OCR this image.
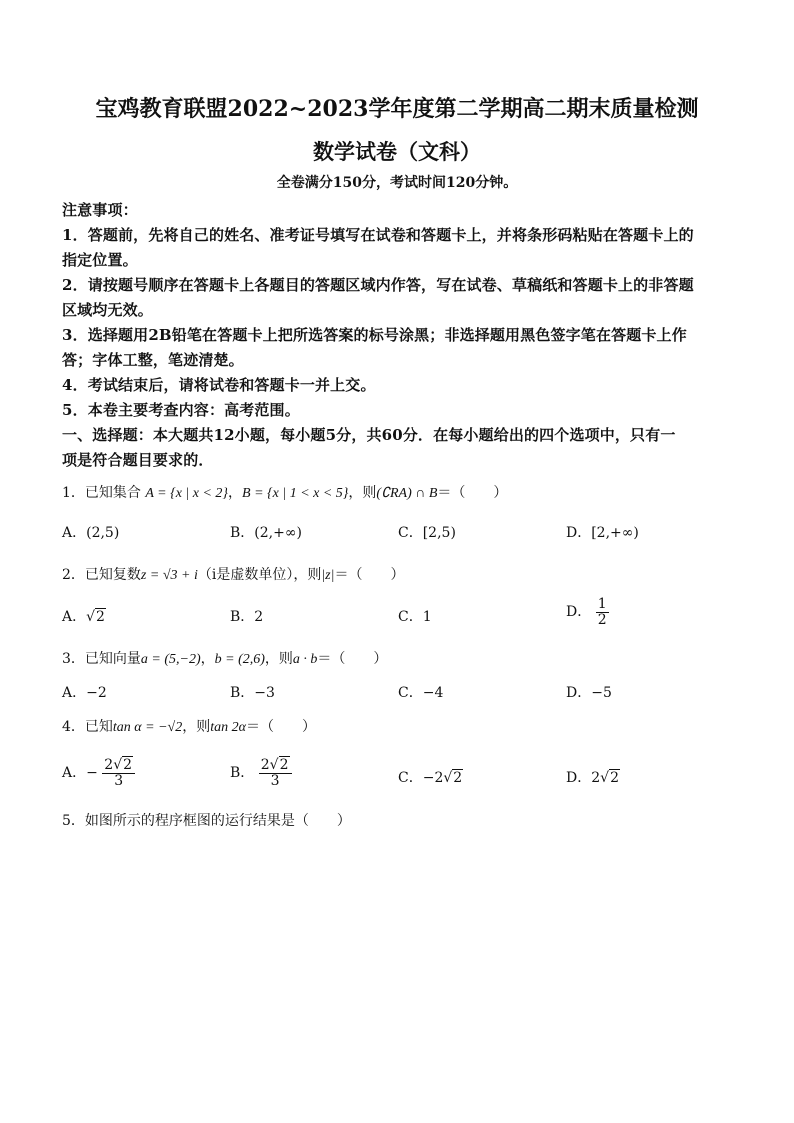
宝鸡教育联盟2022~2023学年度第二学期高二期末质量检测
数学试卷（文科）
全卷满分150分，考试时间120分钟。
注意事项：
1．答题前，先将自己的姓名、准考证号填写在试卷和答题卡上，并将条形码粘贴在答题卡上的
指定位置。
2．请按题号顺序在答题卡上各题目的答题区域内作答，写在试卷、草稿纸和答题卡上的非答题
区域均无效。
3．选择题用2B铅笔在答题卡上把所选答案的标号涂黑；非选择题用黑色签字笔在答题卡上作
答；字体工整，笔迹清楚。
4．考试结束后，请将试卷和答题卡一并上交。
5．本卷主要考查内容：高考范围。
一、选择题：本大题共12小题，每小题5分，共60分．在每小题给出的四个选项中，只有一
项是符合题目要求的．
1．已知集合 A = {x | x < 2}，B = {x | 1 < x < 5}，则(∁RA) ∩ B＝（　　）
A．(2,5)	B．(2,+∞)	C．[2,5)	D．[2,+∞)
2．已知复数z = √3 + i（i是虚数单位），则|z|＝（　　）
A．√2	B．2	C．1	D． $\frac{1}{2}$
3．已知向量a = (5,−2)，b = (2,6)，则a · b＝（　　）
A．−2	B．−3	C．−4	D．−5
4．已知tan α = −√2，则tan 2α＝（　　）
A．− $\frac{2√2}{3}$	B． $\frac{2√2}{3}$	C．−2√2	D．2√2
5．如图所示的程序框图的运行结果是（　　）
